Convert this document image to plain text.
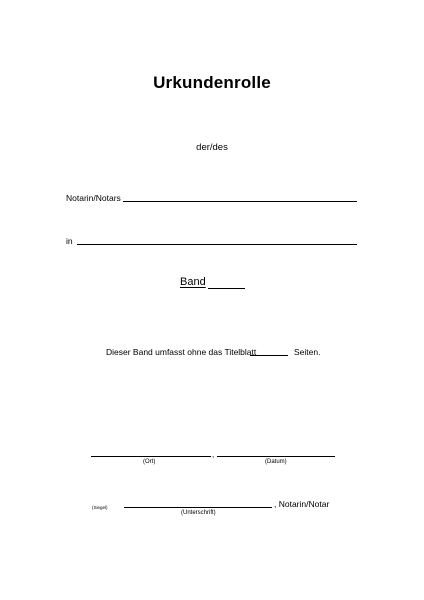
Urkundenrolle
der/des
Notarin/Notars
in
Band
Dieser Band umfasst ohne das Titelblatt	Seiten.
,
(Ort)	(Datum)
(Siegel)	, Notarin/Notar
(Unterschrift)
